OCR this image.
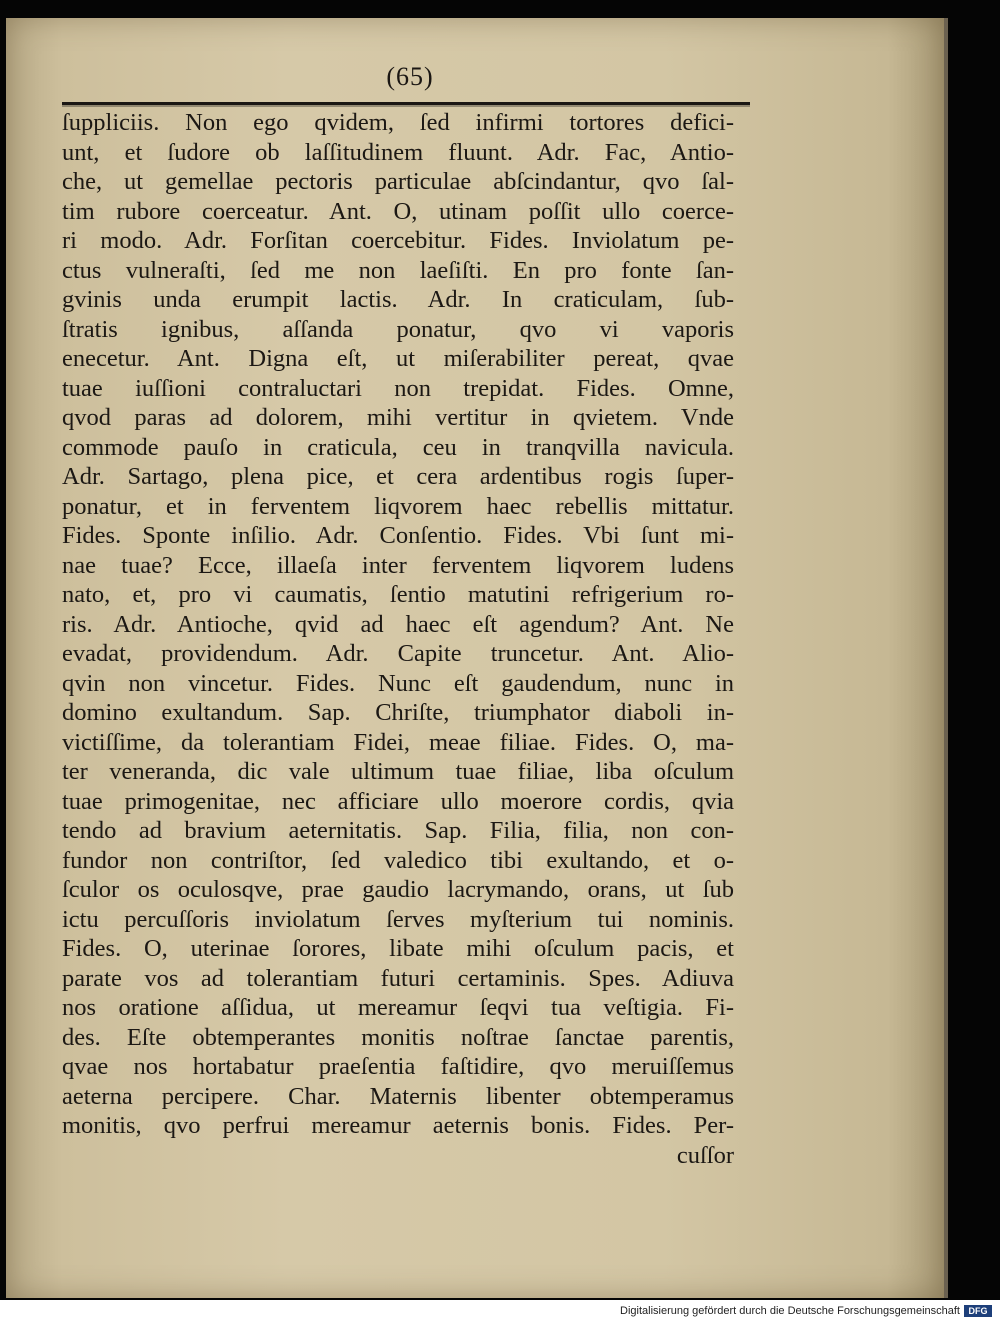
(65)
ſuppliciis. Non ego qvidem, ſed infirmi tortores defici-
unt, et ſudore ob laſſitudinem fluunt. Adr. Fac, Antio-
che, ut gemellae pectoris particulae abſcindantur, qvo ſal-
tim rubore coerceatur. Ant. O, utinam poſſit ullo coerce-
ri modo. Adr. Forſitan coercebitur. Fides. Inviolatum pe-
ctus vulneraſti, ſed me non laeſiſti. En pro fonte ſan-
gvinis unda erumpit lactis. Adr. In craticulam, ſub-
ſtratis ignibus, aſſanda ponatur, qvo vi vaporis
enecetur. Ant. Digna eſt, ut miſerabiliter pereat, qvae
tuae iuſſioni contraluctari non trepidat. Fides. Omne,
qvod paras ad dolorem, mihi vertitur in qvietem. Vnde
commode pauſo in craticula, ceu in tranqvilla navicula.
Adr. Sartago, plena pice, et cera ardentibus rogis ſuper-
ponatur, et in ferventem liqvorem haec rebellis mittatur.
Fides. Sponte inſilio. Adr. Conſentio. Fides. Vbi ſunt mi-
nae tuae? Ecce, illaeſa inter ferventem liqvorem ludens
nato, et, pro vi caumatis, ſentio matutini refrigerium ro-
ris. Adr. Antioche, qvid ad haec eſt agendum? Ant. Ne
evadat, providendum. Adr. Capite truncetur. Ant. Alio-
qvin non vincetur. Fides. Nunc eſt gaudendum, nunc in
domino exultandum. Sap. Chriſte, triumphator diaboli in-
victiſſime, da tolerantiam Fidei, meae filiae. Fides. O, ma-
ter veneranda, dic vale ultimum tuae filiae, liba oſculum
tuae primogenitae, nec afficiare ullo moerore cordis, qvia
tendo ad bravium aeternitatis. Sap. Filia, filia, non con-
fundor non contriſtor, ſed valedico tibi exultando, et o-
ſculor os oculosqve, prae gaudio lacrymando, orans, ut ſub
ictu percuſſoris inviolatum ſerves myſterium tui nominis.
Fides. O, uterinae ſorores, libate mihi oſculum pacis, et
parate vos ad tolerantiam futuri certaminis. Spes. Adiuva
nos oratione aſſidua, ut mereamur ſeqvi tua veſtigia. Fi-
des. Eſte obtemperantes monitis noſtrae ſanctae parentis,
qvae nos hortabatur praeſentia faſtidire, qvo meruiſſemus
aeterna percipere. Char. Maternis libenter obtemperamus
monitis, qvo perfrui mereamur aeternis bonis. Fides. Per-
cuſſor
Digitalisierung gefördert durch die Deutsche Forschungsgemeinschaft DFG
